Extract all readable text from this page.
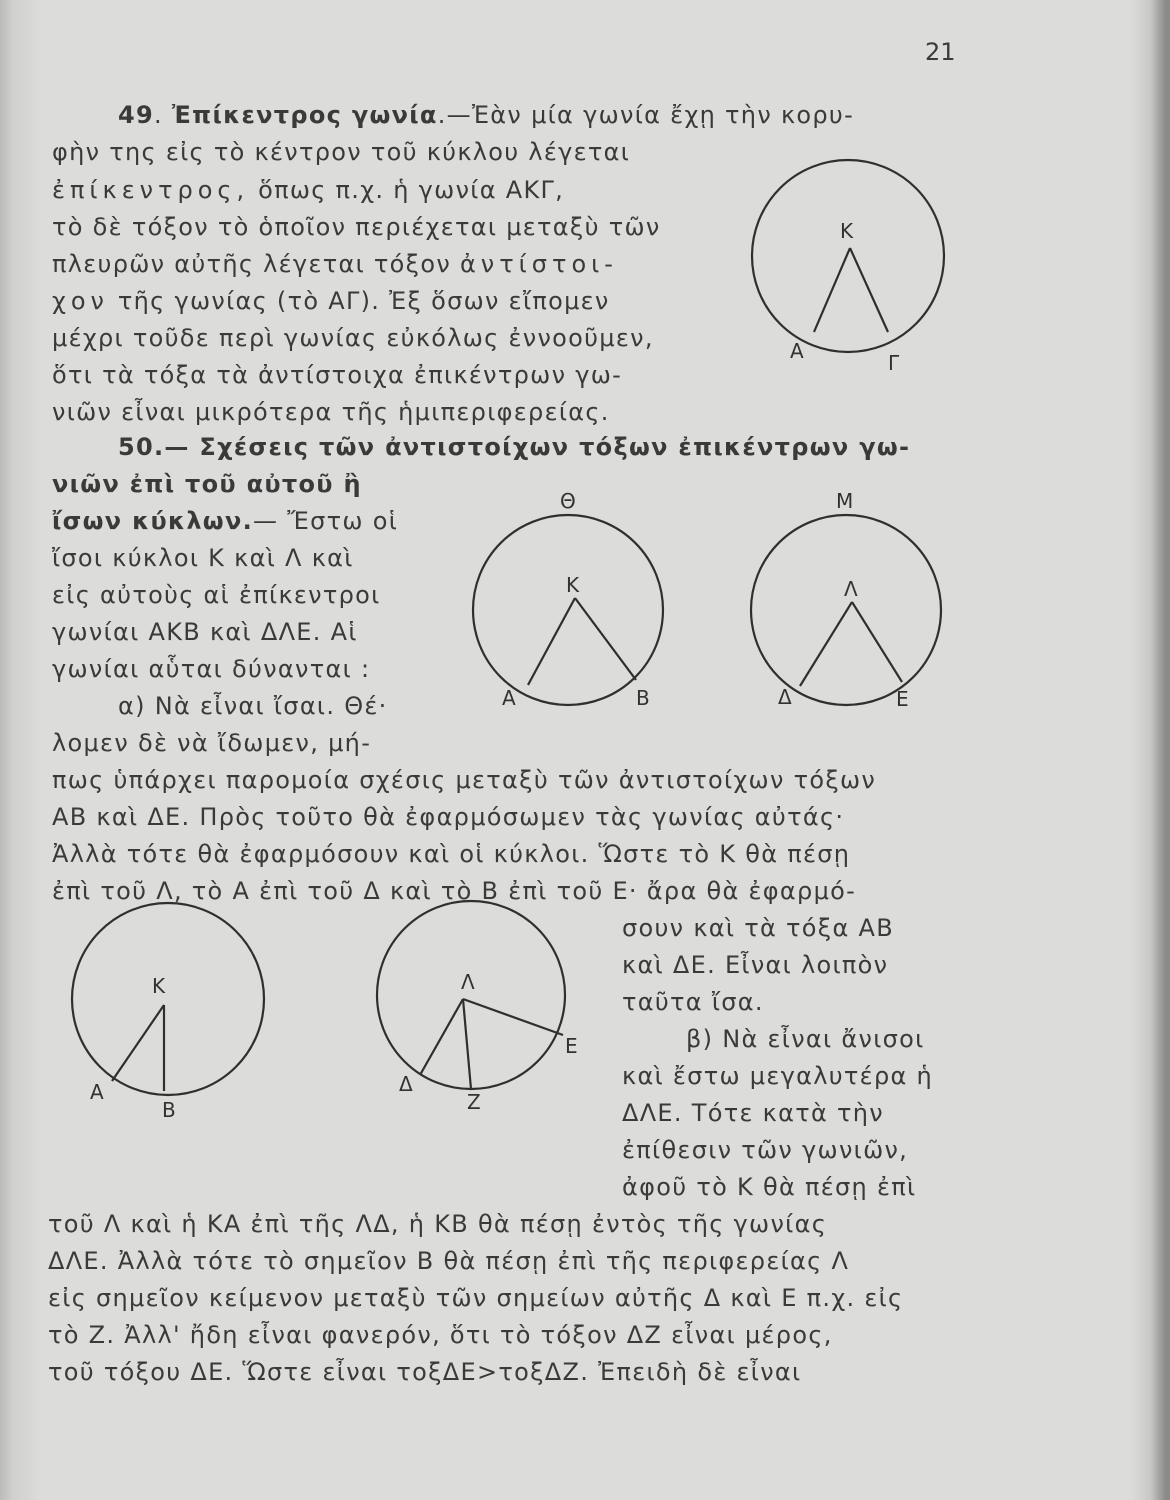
21
49. Ἐπίκεντρος γωνία.—Ἐὰν μία γωνία ἔχῃ τὴν κορυ-
φὴν της εἰς τὸ κέντρον τοῦ κύκλου λέγεται
ἐπίκεντρος, ὅπως π.χ. ἡ γωνία ΑΚΓ,
τὸ δὲ τόξον τὸ ὁποῖον περιέχεται μεταξὺ τῶν
πλευρῶν αὐτῆς λέγεται τόξον ἀντίστοι-
χον τῆς γωνίας (τὸ ΑΓ). Ἐξ ὅσων εἴπομεν
μέχρι τοῦδε περὶ γωνίας εὐκόλως ἐννοοῦμεν,
ὅτι τὰ τόξα τὰ ἀντίστοιχα ἐπικέντρων γω-
νιῶν εἶναι μικρότερα τῆς ἡμιπεριφερείας.
Κ
Α	Γ
50.— Σχέσεις τῶν ἀντιστοίχων τόξων ἐπικέντρων γω-
νιῶν ἐπὶ τοῦ αὐτοῦ ἢ
ἴσων κύκλων.— Ἔστω οἱ
ἴσοι κύκλοι Κ καὶ Λ καὶ
εἰς αὐτοὺς αἱ ἐπίκεντροι
γωνίαι ΑΚΒ καὶ ΔΛΕ. Αἱ
γωνίαι αὗται δύνανται :
α) Νὰ εἶναι ἴσαι. Θέ·
λομεν δὲ νὰ ἴδωμεν, μή-
πως ὑπάρχει παρομοία σχέσις μεταξὺ τῶν ἀντιστοίχων τόξων
ΑΒ καὶ ΔΕ. Πρὸς τοῦτο θὰ ἐφαρμόσωμεν τὰς γωνίας αὐτάς·
Ἀλλὰ τότε θὰ ἐφαρμόσουν καὶ οἱ κύκλοι. Ὥστε τὸ Κ θὰ πέσῃ
ἐπὶ τοῦ Λ, τὸ Α ἐπὶ τοῦ Δ καὶ τὸ Β ἐπὶ τοῦ Ε· ἄρα θὰ ἐφαρμό-
σουν καὶ τὰ τόξα ΑΒ
καὶ ΔΕ. Εἶναι λοιπὸν
ταῦτα ἴσα.
β) Νὰ εἶναι ἄνισοι
καὶ ἔστω μεγαλυτέρα ἡ
ΔΛΕ. Τότε κατὰ τὴν
ἐπίθεσιν τῶν γωνιῶν,
ἀφοῦ τὸ Κ θὰ πέσῃ ἐπὶ
τοῦ Λ καὶ ἡ ΚΑ ἐπὶ τῆς ΛΔ, ἡ ΚΒ θὰ πέσῃ ἐντὸς τῆς γωνίας
ΔΛΕ. Ἀλλὰ τότε τὸ σημεῖον Β θὰ πέσῃ ἐπὶ τῆς περιφερείας Λ
εἰς σημεῖον κείμενον μεταξὺ τῶν σημείων αὐτῆς Δ καὶ Ε π.χ. εἰς
τὸ Ζ. Ἀλλ' ἤδη εἶναι φανερόν, ὅτι τὸ τόξον ΔΖ εἶναι μέρος,
τοῦ τόξου ΔΕ. Ὥστε εἶναι τοξΔΕ>τοξΔΖ. Ἐπειδὴ δὲ εἶναι
Θ
Κ
Α	Β
Μ
Λ
Δ	Ε
Κ
Α
Β
Λ
Δ
Ζ
Ε
